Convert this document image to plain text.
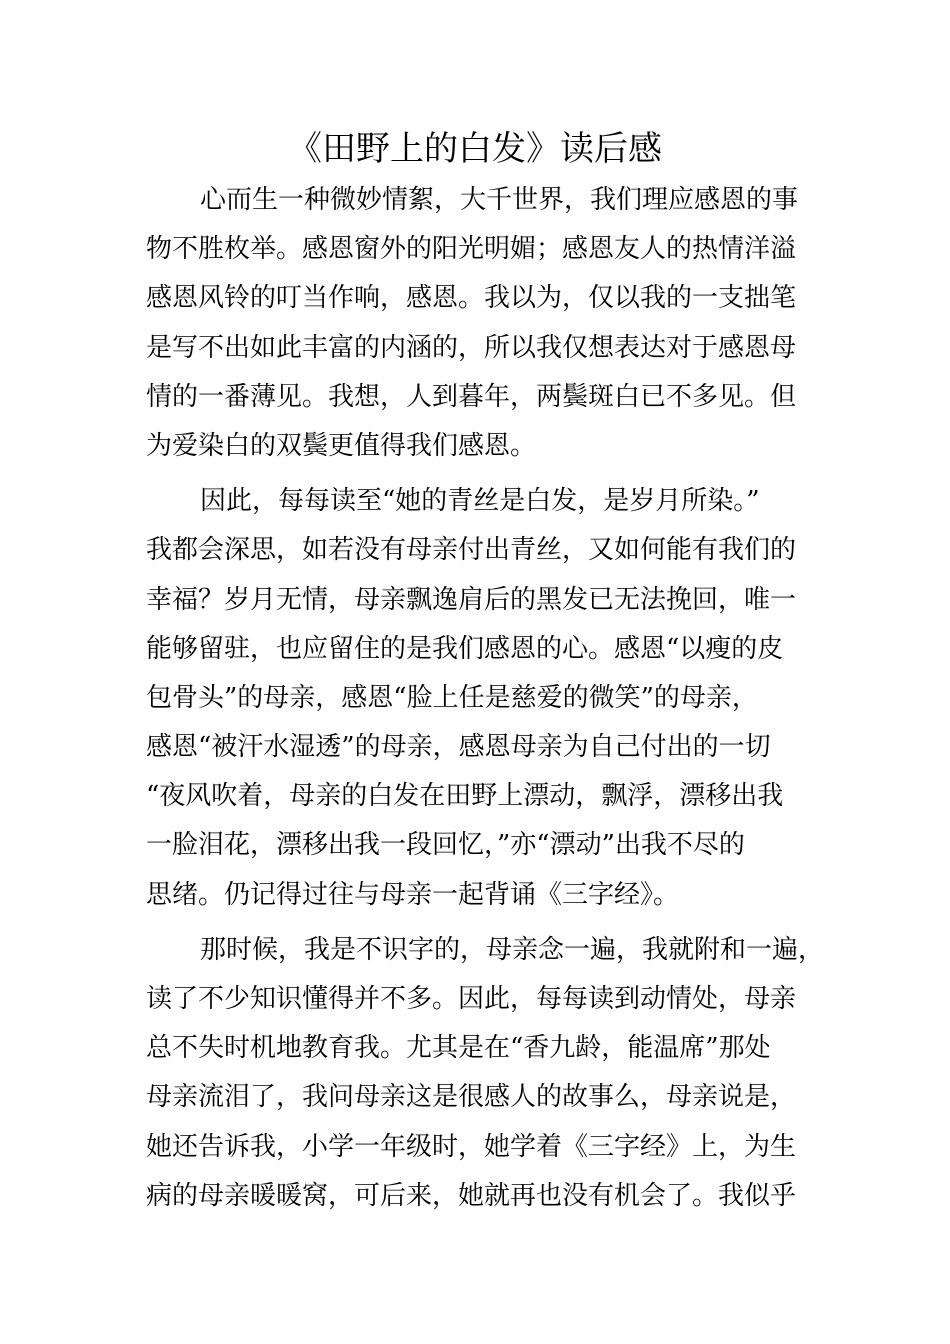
《田野上的白发》读后感
心而生一种微妙情絮，大千世界，我们理应感恩的事
物不胜枚举。感恩窗外的阳光明媚；感恩友人的热情洋溢
感恩风铃的叮当作响，感恩。我以为，仅以我的一支拙笔
是写不出如此丰富的内涵的，所以我仅想表达对于感恩母
情的一番薄见。我想，人到暮年，两鬓斑白已不多见。但
为爱染白的双鬓更值得我们感恩。
因此，每每读至“她的青丝是白发，是岁月所染。”
我都会深思，如若没有母亲付出青丝，又如何能有我们的
幸福？岁月无情，母亲飘逸肩后的黑发已无法挽回，唯一
能够留驻，也应留住的是我们感恩的心。感恩“以瘦的皮
包骨头”的母亲，感恩“脸上任是慈爱的微笑”的母亲，
感恩“被汗水湿透”的母亲，感恩母亲为自己付出的一切
“夜风吹着，母亲的白发在田野上漂动，飘浮，漂移出我
一脸泪花，漂移出我一段回忆，”亦“漂动”出我不尽的
思绪。仍记得过往与母亲一起背诵《三字经》。
那时候，我是不识字的，母亲念一遍，我就附和一遍，
读了不少知识懂得并不多。因此，每每读到动情处，母亲
总不失时机地教育我。尤其是在“香九龄，能温席”那处
母亲流泪了，我问母亲这是很感人的故事么，母亲说是，
她还告诉我，小学一年级时，她学着《三字经》上，为生
病的母亲暖暖窝，可后来，她就再也没有机会了。我似乎
